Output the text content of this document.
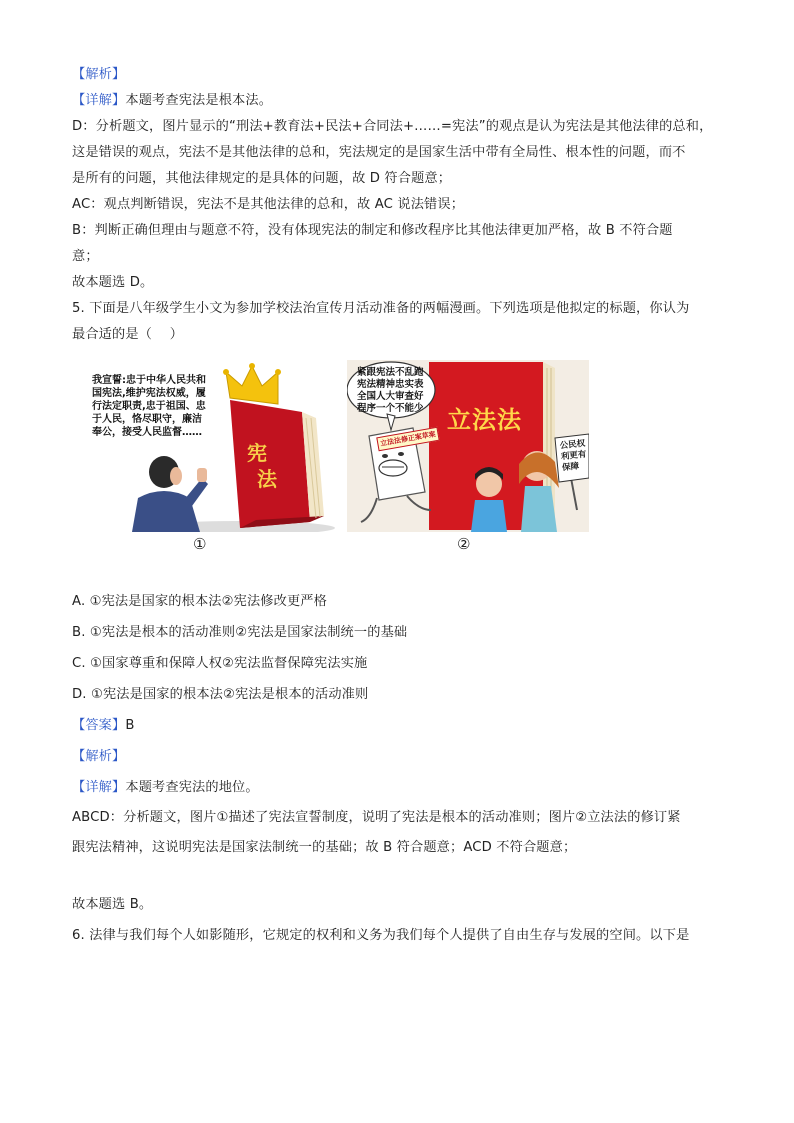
【解析】

【详解】本题考查宪法是根本法。

D：分析题文，图片显示的“刑法+教育法+民法+合同法+……=宪法”的观点是认为宪法是其他法律的总和，

这是错误的观点，宪法不是其他法律的总和，宪法规定的是国家生活中带有全局性、根本性的问题，而不

是所有的问题，其他法律规定的是具体的问题，故 D 符合题意；

AC：观点判断错误，宪法不是其他法律的总和，故 AC 说法错误；

B：判断正确但理由与题意不符，没有体现宪法的制定和修改程序比其他法律更加严格，故 B 不符合题

意；

故本题选 D。

5. 下面是八年级学生小文为参加学校法治宣传月活动准备的两幅漫画。下列选项是他拟定的标题，你认为

最合适的是（　 ）

我宣誓:忠于中华人民共和
国宪法,维护宪法权威，履
行法定职责,忠于祖国、忠
于人民，恪尽职守，廉洁
奉公，接受人民监督……
宪
法
紧跟宪法不乱跑
宪法精神忠实表
全国人大审查好
程序一个不能少 立法法
立法法修正案草案	公民权
利更有
保障
①	②

A. ①宪法是国家的根本法②宪法修改更严格

B. ①宪法是根本的活动准则②宪法是国家法制统一的基础

C. ①国家尊重和保障人权②宪法监督保障宪法实施

D. ①宪法是国家的根本法②宪法是根本的活动准则

【答案】B

【解析】

【详解】本题考查宪法的地位。

ABCD：分析题文，图片①描述了宪法宣誓制度，说明了宪法是根本的活动准则；图片②立法法的修订紧

跟宪法精神，这说明宪法是国家法制统一的基础；故 B 符合题意；ACD 不符合题意；

故本题选 B。

6. 法律与我们每个人如影随形，它规定的权利和义务为我们每个人提供了自由生存与发展的空间。以下是
